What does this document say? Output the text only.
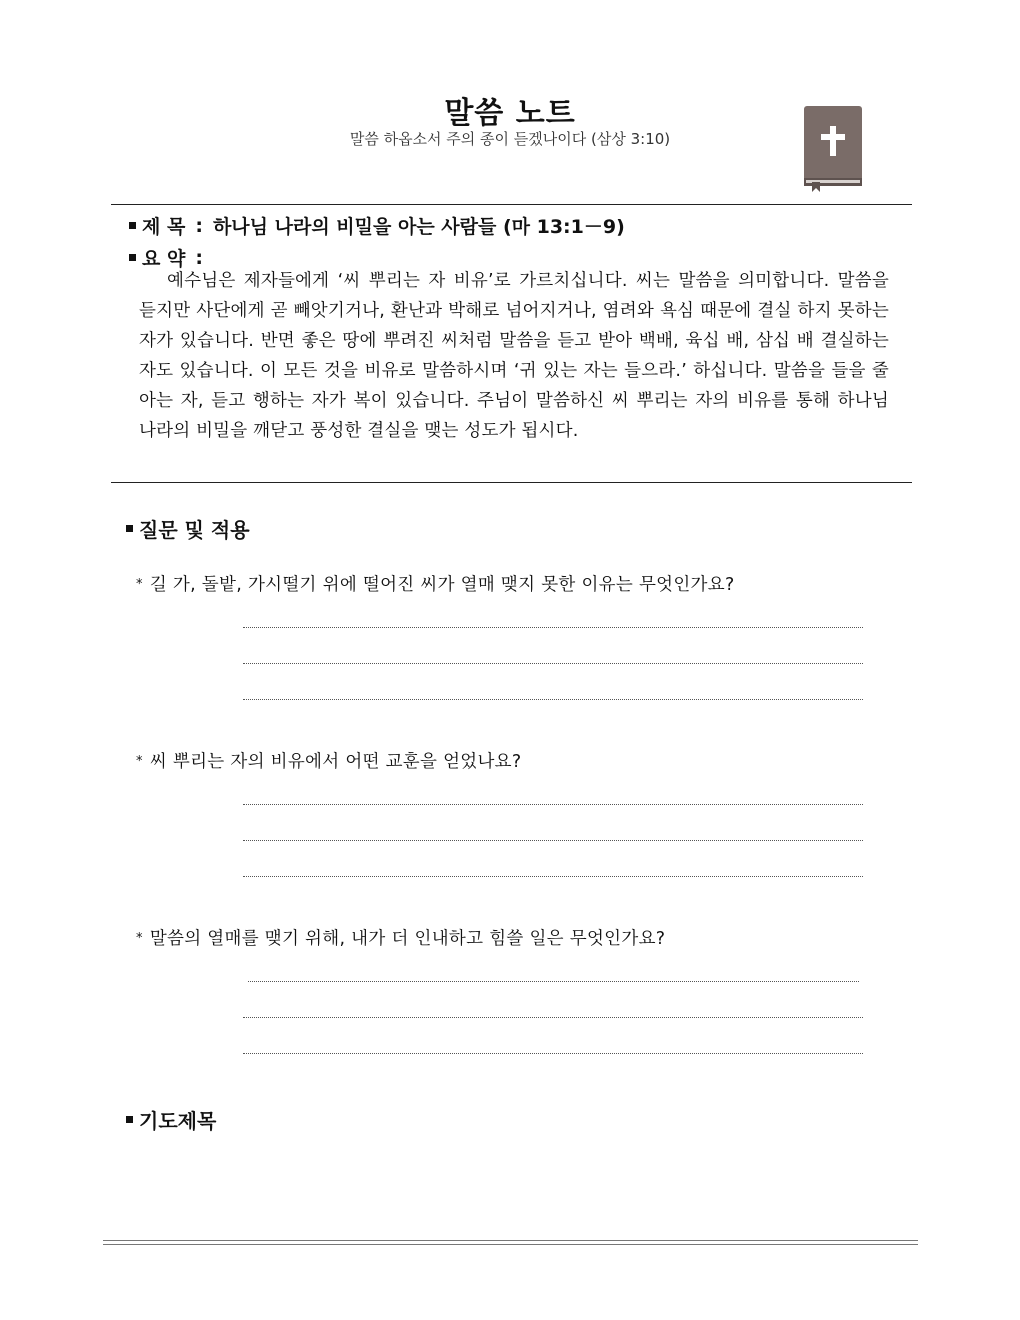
말씀 노트
말씀 하옵소서 주의 종이 듣겠나이다 (삼상 3:10)
제 목 : 하나님 나라의 비밀을 아는 사람들 (마 13:1－9)
요 약 :
예수님은 제자들에게 ‘씨 뿌리는 자 비유’로 가르치십니다. 씨는 말씀을 의미합니다. 말씀을 듣지만 사단에게 곧 빼앗기거나, 환난과 박해로 넘어지거나, 염려와 욕심 때문에 결실 하지 못하는 자가 있습니다. 반면 좋은 땅에 뿌려진 씨처럼 말씀을 듣고 받아 백배, 육십 배, 삼십 배 결실하는 자도 있습니다. 이 모든 것을 비유로 말씀하시며 ‘귀 있는 자는 들으라.’ 하십니다. 말씀을 들을 줄 아는 자, 듣고 행하는 자가 복이 있습니다. 주님이 말씀하신 씨 뿌리는 자의 비유를 통해 하나님 나라의 비밀을 깨닫고 풍성한 결실을 맺는 성도가 됩시다.
질문 및 적용
* 길 가, 돌밭, 가시떨기 위에 떨어진 씨가 열매 맺지 못한 이유는 무엇인가요?
* 씨 뿌리는 자의 비유에서 어떤 교훈을 얻었나요?
* 말씀의 열매를 맺기 위해, 내가 더 인내하고 힘쓸 일은 무엇인가요?
기도제목
